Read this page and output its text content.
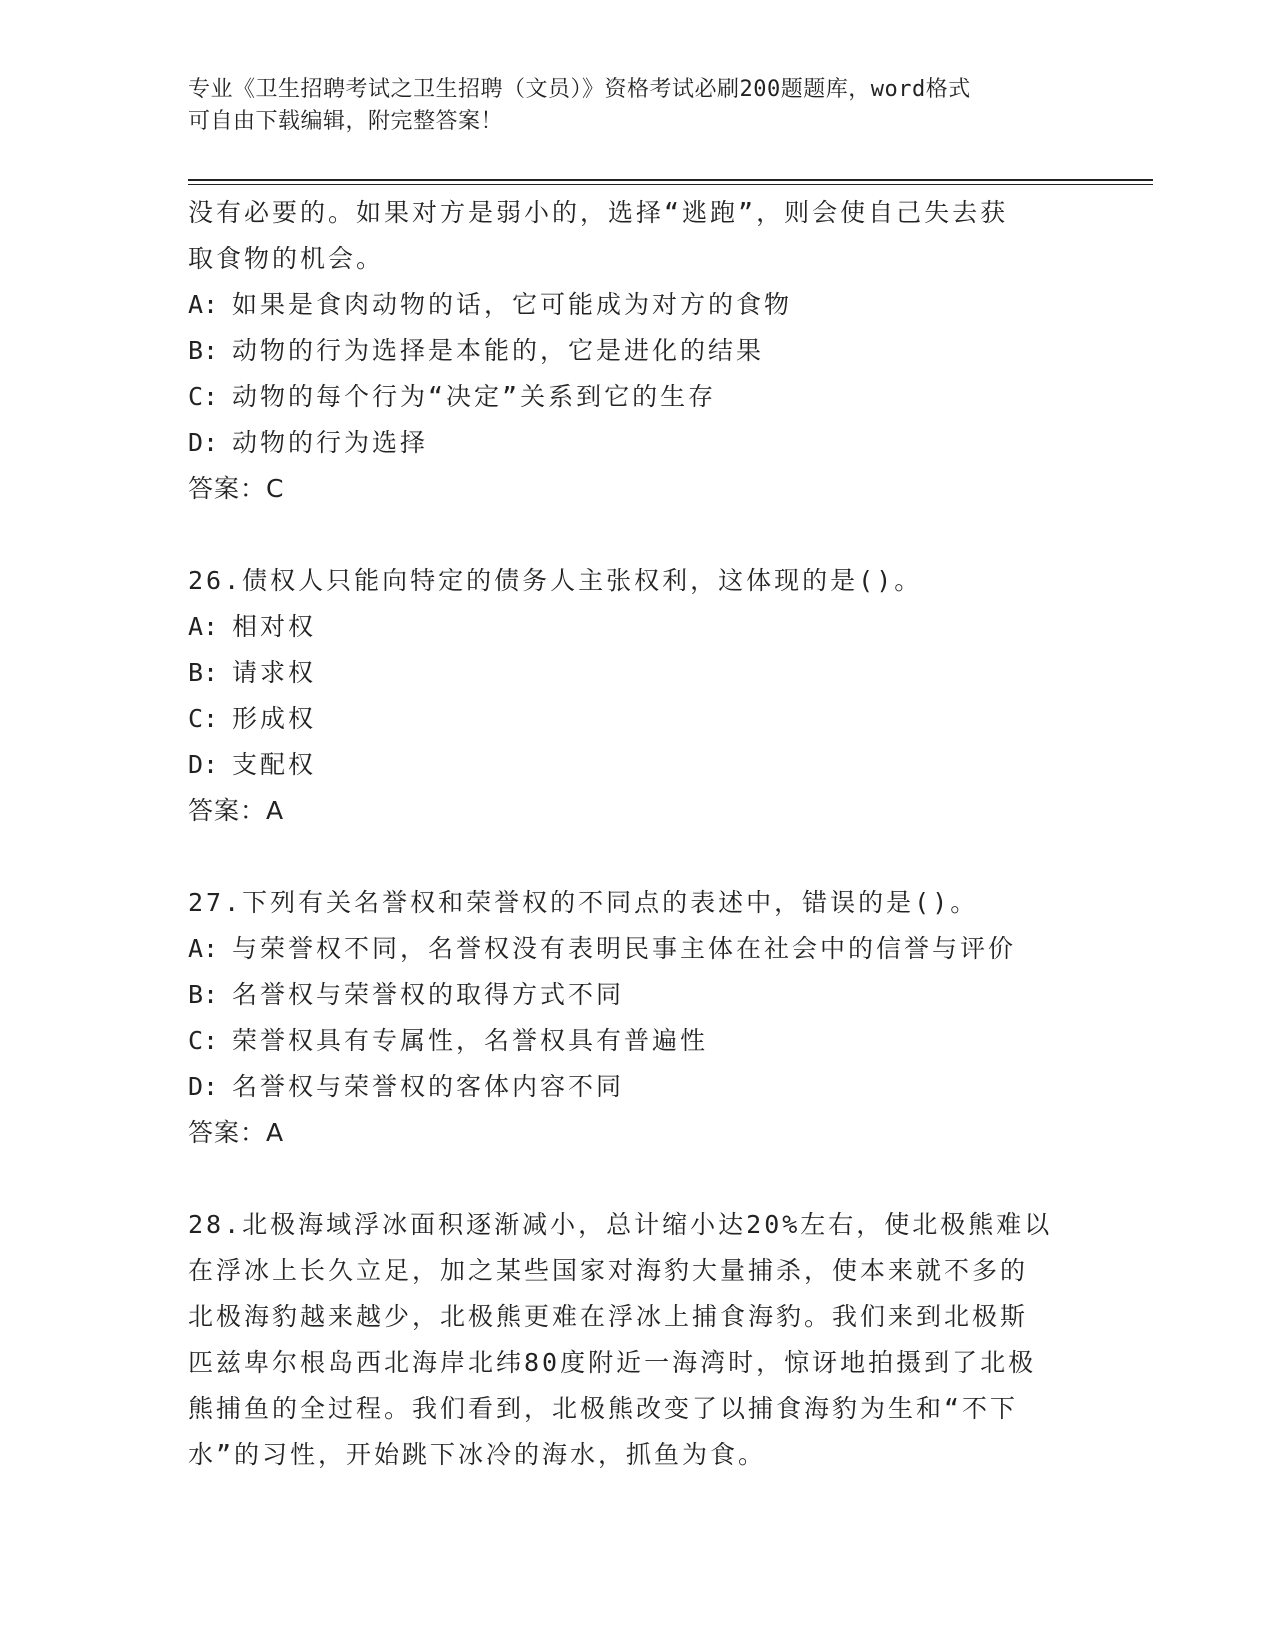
专业《卫生招聘考试之卫生招聘（文员）》资格考试必刷200题题库，word格式
可自由下载编辑，附完整答案！

没有必要的。如果对方是弱小的，选择“逃跑”，则会使自己失去获

取食物的机会。

A: 如果是食肉动物的话，它可能成为对方的食物

B: 动物的行为选择是本能的，它是进化的结果

C: 动物的每个行为“决定”关系到它的生存

D: 动物的行为选择

答案：C

26.债权人只能向特定的债务人主张权利，这体现的是()。

A: 相对权

B: 请求权

C: 形成权

D: 支配权

答案：A

27.下列有关名誉权和荣誉权的不同点的表述中，错误的是()。

A: 与荣誉权不同，名誉权没有表明民事主体在社会中的信誉与评价

B: 名誉权与荣誉权的取得方式不同

C: 荣誉权具有专属性，名誉权具有普遍性

D: 名誉权与荣誉权的客体内容不同

答案：A

28.北极海域浮冰面积逐渐减小，总计缩小达20%左右，使北极熊难以

在浮冰上长久立足，加之某些国家对海豹大量捕杀，使本来就不多的

北极海豹越来越少，北极熊更难在浮冰上捕食海豹。我们来到北极斯

匹兹卑尔根岛西北海岸北纬80度附近一海湾时，惊讶地拍摄到了北极

熊捕鱼的全过程。我们看到，北极熊改变了以捕食海豹为生和“不下

水”的习性，开始跳下冰冷的海水，抓鱼为食。
